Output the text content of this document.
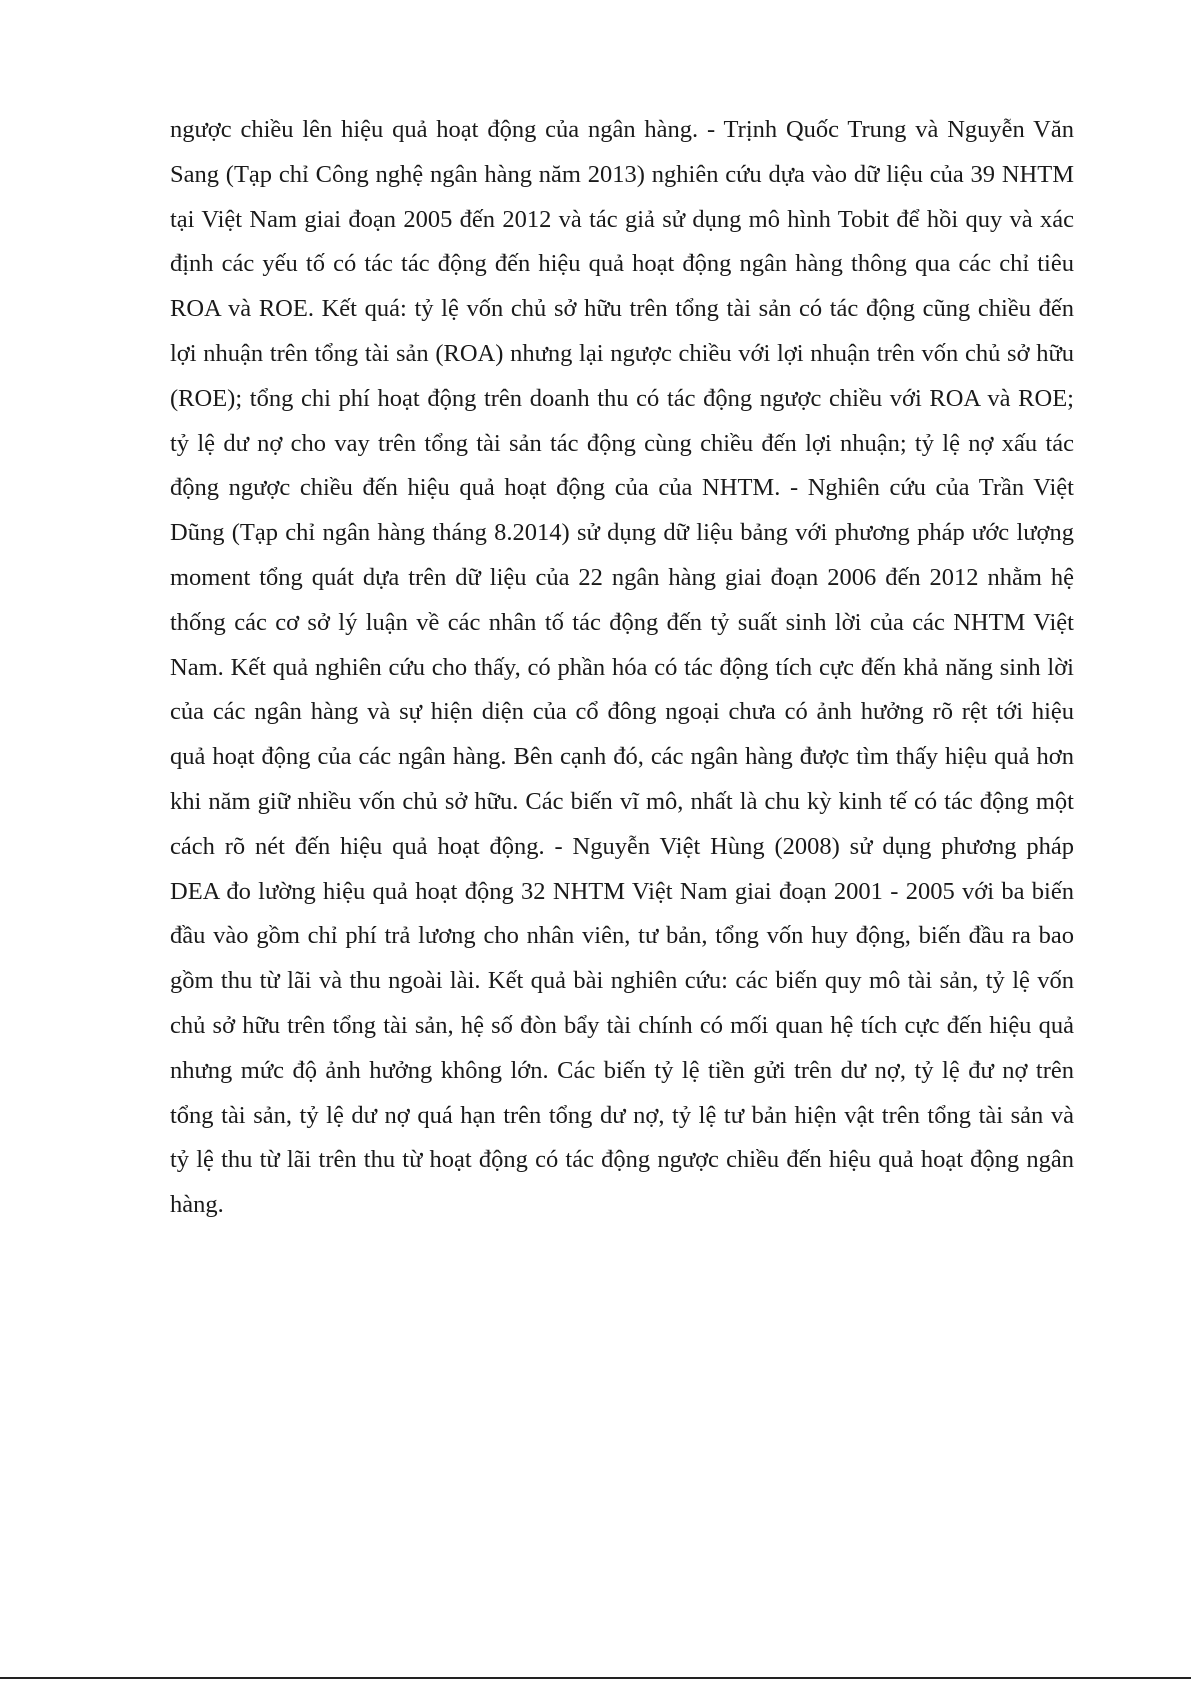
ngược chiều lên hiệu quả hoạt động của ngân hàng. - Trịnh Quốc Trung và Nguyễn Văn Sang (Tạp chỉ Công nghệ ngân hàng năm 2013) nghiên cứu dựa vào dữ liệu của 39 NHTM tại Việt Nam giai đoạn 2005 đến 2012 và tác giả sử dụng mô hình Tobit để hồi quy và xác định các yếu tố có tác tác động đến hiệu quả hoạt động ngân hàng thông qua các chỉ tiêu ROA và ROE. Kết quá: tỷ lệ vốn chủ sở hữu trên tổng tài sản có tác động cũng chiều đến lợi nhuận trên tổng tài sản (ROA) nhưng lại ngược chiều với lợi nhuận trên vốn chủ sở hữu (ROE); tổng chi phí hoạt động trên doanh thu có tác động ngược chiều với ROA và ROE; tỷ lệ dư nợ cho vay trên tổng tài sản tác động cùng chiều đến lợi nhuận; tỷ lệ nợ xấu tác động ngược chiều đến hiệu quả hoạt động của của NHTM. - Nghiên cứu của Trần Việt Dũng (Tạp chỉ ngân hàng tháng 8.2014) sử dụng dữ liệu bảng với phương pháp ước lượng moment tổng quát dựa trên dữ liệu của 22 ngân hàng giai đoạn 2006 đến 2012 nhằm hệ thống các cơ sở lý luận về các nhân tố tác động đến tỷ suất sinh lời của các NHTM Việt Nam. Kết quả nghiên cứu cho thấy, có phần hóa có tác động tích cực đến khả năng sinh lời của các ngân hàng và sự hiện diện của cổ đông ngoại chưa có ảnh hưởng rõ rệt tới hiệu quả hoạt động của các ngân hàng. Bên cạnh đó, các ngân hàng được tìm thấy hiệu quả hơn khi năm giữ nhiều vốn chủ sở hữu. Các biến vĩ mô, nhất là chu kỳ kinh tế có tác động một cách rõ nét đến hiệu quả hoạt động. - Nguyễn Việt Hùng (2008) sử dụng phương pháp DEA đo lường hiệu quả hoạt động 32 NHTM Việt Nam giai đoạn 2001 - 2005 với ba biến đầu vào gồm chỉ phí trả lương cho nhân viên, tư bản, tổng vốn huy động, biến đầu ra bao gồm thu từ lãi và thu ngoài lài. Kết quả bài nghiên cứu: các biến quy mô tài sản, tỷ lệ vốn chủ sở hữu trên tổng tài sản, hệ số đòn bẩy tài chính có mối quan hệ tích cực đến hiệu quả nhưng mức độ ảnh hưởng không lớn. Các biến tỷ lệ tiền gửi trên dư nợ, tỷ lệ đư nợ trên tổng tài sản, tỷ lệ dư nợ quá hạn trên tổng dư nợ, tỷ lệ tư bản hiện vật trên tổng tài sản và tỷ lệ thu từ lãi trên thu từ hoạt động có tác động ngược chiều đến hiệu quả hoạt động ngân hàng.
